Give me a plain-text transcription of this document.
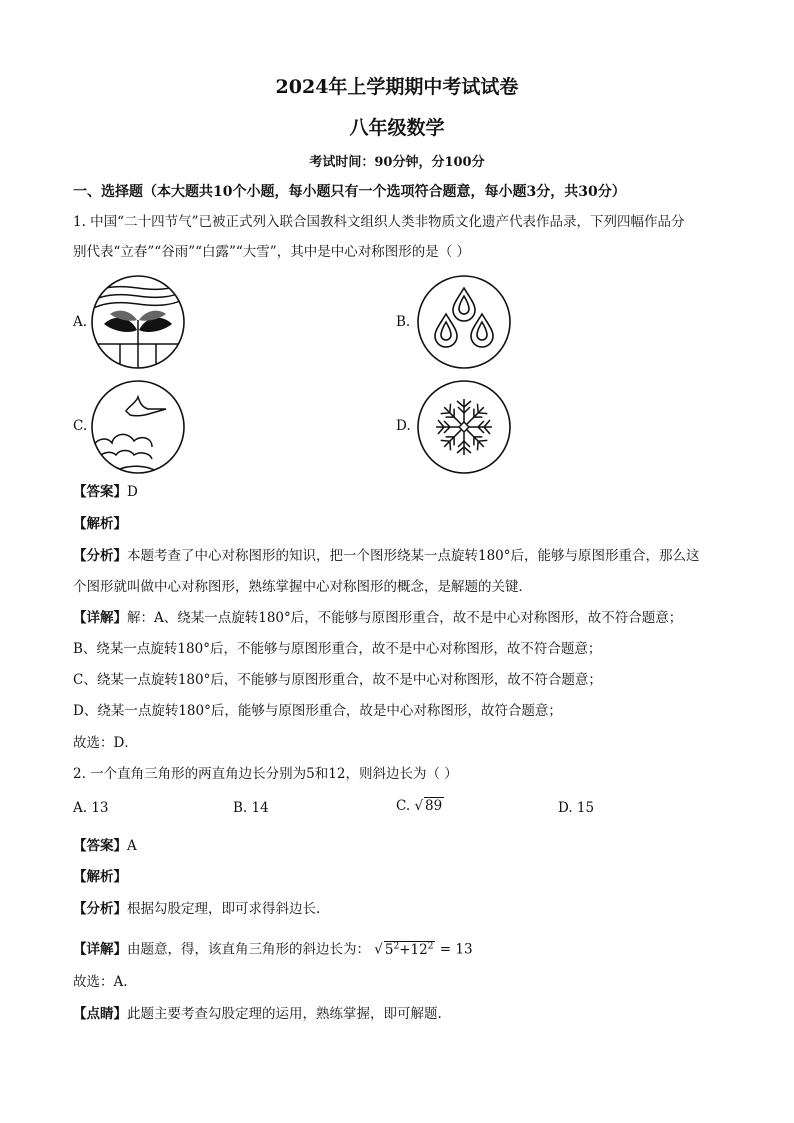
2024年上学期期中考试试卷
八年级数学
考试时间：90分钟，分100分
一、选择题（本大题共10个小题，每小题只有一个选项符合题意，每小题3分，共30分）
1. 中国“二十四节气”已被正式列入联合国教科文组织人类非物质文化遗产代表作品录，下列四幅作品分
别代表“立春”“谷雨”“白露”“大雪”，其中是中心对称图形的是（ ）
A.	B.
C.	D.
【答案】D
【解析】
【分析】本题考查了中心对称图形的知识，把一个图形绕某一点旋转180°后，能够与原图形重合，那么这
个图形就叫做中心对称图形，熟练掌握中心对称图形的概念，是解题的关键．
【详解】解：A、绕某一点旋转180°后，不能够与原图形重合，故不是中心对称图形，故不符合题意；
B、绕某一点旋转180°后，不能够与原图形重合，故不是中心对称图形，故不符合题意；
C、绕某一点旋转180°后，不能够与原图形重合，故不是中心对称图形，故不符合题意；
D、绕某一点旋转180°后，能够与原图形重合，故是中心对称图形，故符合题意；
故选：D．
2. 一个直角三角形的两直角边长分别为5和12，则斜边长为（ ）
A. 13	B. 14	C. √ 89	D. 15
【答案】A
【解析】
【分析】根据勾股定理，即可求得斜边长.
【详解】由题意，得，该直角三角形的斜边长为： √ $5^2+12^2 = 13$
故选：A.
【点睛】此题主要考查勾股定理的运用，熟练掌握，即可解题.
